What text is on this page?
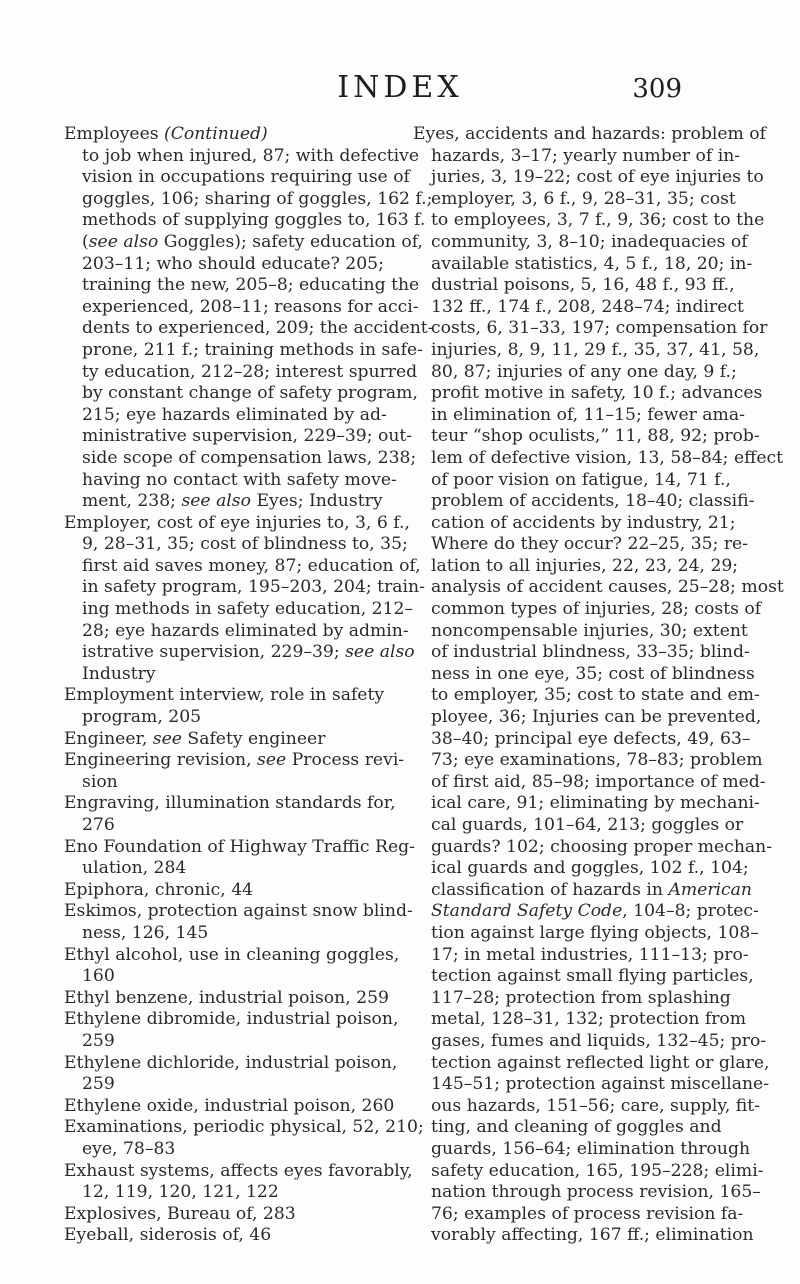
INDEX	309
Employees (Continued)
to job when injured, 87; with defective
vision in occupations requiring use of
goggles, 106; sharing of goggles, 162 f.;
methods of supplying goggles to, 163 f.
(see also Goggles); safety education of,
203–11; who should educate? 205;
training the new, 205–8; educating the
experienced, 208–11; reasons for acci-
dents to experienced, 209; the accident-
prone, 211 f.; training methods in safe-
ty education, 212–28; interest spurred
by constant change of safety program,
215; eye hazards eliminated by ad-
ministrative supervision, 229–39; out-
side scope of compensation laws, 238;
having no contact with safety move-
ment, 238; see also Eyes; Industry
Employer, cost of eye injuries to, 3, 6 f.,
9, 28–31, 35; cost of blindness to, 35;
first aid saves money, 87; education of,
in safety program, 195–203, 204; train-
ing methods in safety education, 212–
28; eye hazards eliminated by admin-
istrative supervision, 229–39; see also
Industry
Employment interview, role in safety
program, 205
Engineer, see Safety engineer
Engineering revision, see Process revi-
sion
Engraving, illumination standards for,
276
Eno Foundation of Highway Traffic Reg-
ulation, 284
Epiphora, chronic, 44
Eskimos, protection against snow blind-
ness, 126, 145
Ethyl alcohol, use in cleaning goggles,
160
Ethyl benzene, industrial poison, 259
Ethylene dibromide, industrial poison,
259
Ethylene dichloride, industrial poison,
259
Ethylene oxide, industrial poison, 260
Examinations, periodic physical, 52, 210;
eye, 78–83
Exhaust systems, affects eyes favorably,
12, 119, 120, 121, 122
Explosives, Bureau of, 283
Eyeball, siderosis of, 46
Eyes, accidents and hazards: problem of
hazards, 3–17; yearly number of in-
juries, 3, 19–22; cost of eye injuries to
employer, 3, 6 f., 9, 28–31, 35; cost
to employees, 3, 7 f., 9, 36; cost to the
community, 3, 8–10; inadequacies of
available statistics, 4, 5 f., 18, 20; in-
dustrial poisons, 5, 16, 48 f., 93 ff.,
132 ff., 174 f., 208, 248–74; indirect
costs, 6, 31–33, 197; compensation for
injuries, 8, 9, 11, 29 f., 35, 37, 41, 58,
80, 87; injuries of any one day, 9 f.;
profit motive in safety, 10 f.; advances
in elimination of, 11–15; fewer ama-
teur “shop oculists,” 11, 88, 92; prob-
lem of defective vision, 13, 58–84; effect
of poor vision on fatigue, 14, 71 f.,
problem of accidents, 18–40; classifi-
cation of accidents by industry, 21;
Where do they occur? 22–25, 35; re-
lation to all injuries, 22, 23, 24, 29;
analysis of accident causes, 25–28; most
common types of injuries, 28; costs of
noncompensable injuries, 30; extent
of industrial blindness, 33–35; blind-
ness in one eye, 35; cost of blindness
to employer, 35; cost to state and em-
ployee, 36; Injuries can be prevented,
38–40; principal eye defects, 49, 63–
73; eye examinations, 78–83; problem
of first aid, 85–98; importance of med-
ical care, 91; eliminating by mechani-
cal guards, 101–64, 213; goggles or
guards? 102; choosing proper mechan-
ical guards and goggles, 102 f., 104;
classification of hazards in American
Standard Safety Code, 104–8; protec-
tion against large flying objects, 108–
17; in metal industries, 111–13; pro-
tection against small flying particles,
117–28; protection from splashing
metal, 128–31, 132; protection from
gases, fumes and liquids, 132–45; pro-
tection against reflected light or glare,
145–51; protection against miscellane-
ous hazards, 151–56; care, supply, fit-
ting, and cleaning of goggles and
guards, 156–64; elimination through
safety education, 165, 195–228; elimi-
nation through process revision, 165–
76; examples of process revision fa-
vorably affecting, 167 ff.; elimination
